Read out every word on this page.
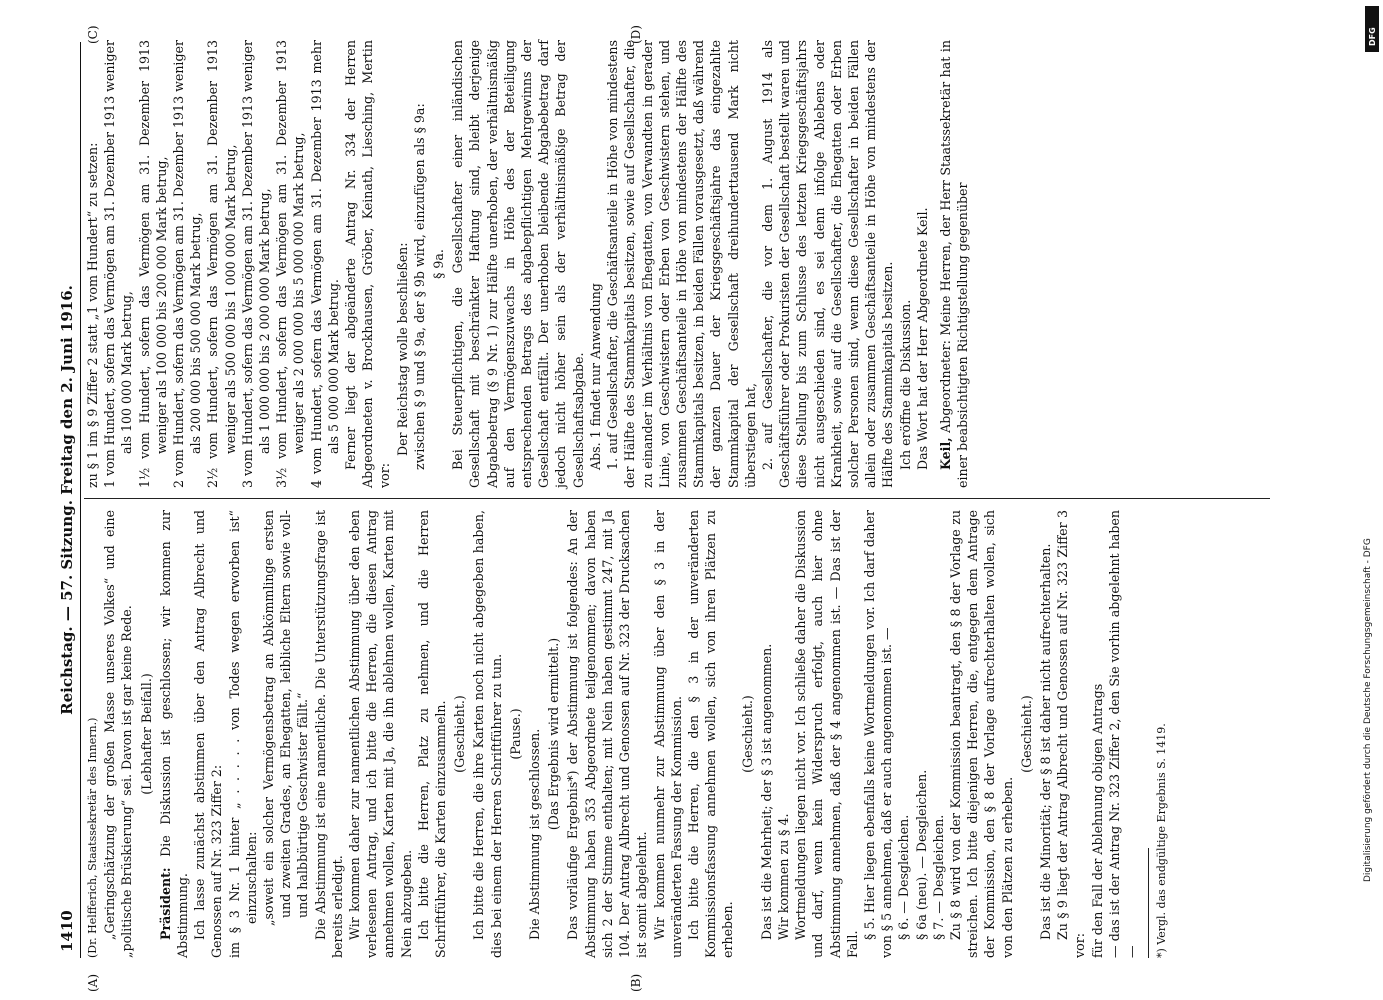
1410
Reichstag. — 57. Sitzung. Freitag den 2. Juni 1916.
(A)	(B)
(C)	(D)

(Dr. Helfferich, Staatssekretär des Innern.) „Geringschätzung der großen Masse unseres Volkes“ und eine „politische Brüskierung“ sei. Davon ist gar keine Rede. (Lebhafter Beifall.)

Präsident: Die Diskussion ist geschlossen; wir kommen zur Abstimmung. Ich lasse zunächst abstimmen über den Antrag Albrecht und Genossen auf Nr. 323 Ziffer 2: im § 3 Nr. 1 hinter „ . . . . . von Todes wegen erworben ist“ einzuschalten: „soweit ein solcher Vermögensbetrag an Abkömmlinge ersten und zweiten Grades, an Ehegatten, leibliche Eltern sowie voll- und halbbürtige Geschwister fällt.“ Die Abstimmung ist eine namentliche. Die Unterstützungsfrage ist bereits erledigt. Wir kommen daher zur namentlichen Abstimmung über den eben verlesenen Antrag, und ich bitte die Herren, die diesen Antrag annehmen wollen, Karten mit Ja, die ihn ablehnen wollen, Karten mit Nein abzugeben. Ich bitte die Herren, Platz zu nehmen, und die Herren Schriftführer, die Karten einzusammeln. (Geschieht.) Ich bitte die Herren, die ihre Karten noch nicht abgegeben haben, dies bei einem der Herren Schriftführer zu tun. (Pause.) Die Abstimmung ist geschlossen. (Das Ergebnis wird ermittelt.) Das vorläufige Ergebnis*) der Abstimmung ist folgendes: An der Abstimmung haben 353 Abgeordnete teilgenommen; davon haben sich 2 der Stimme enthalten; mit Nein haben gestimmt 247, mit Ja 104. Der Antrag Albrecht und Genossen auf Nr. 323 der Drucksachen ist somit abgelehnt. Wir kommen nunmehr zur Abstimmung über den § 3 in der unveränderten Fassung der Kommission. Ich bitte die Herren, die den § 3 in der unveränderten Kommissionsfassung annehmen wollen, sich von ihren Plätzen zu erheben.

(Geschieht.) Das ist die Mehrheit; der § 3 ist angenommen. Wir kommen zu § 4. Wortmeldungen liegen nicht vor. Ich schließe daher die Diskussion und darf, wenn kein Widerspruch erfolgt, auch hier ohne Abstimmung annehmen, daß der § 4 angenommen ist. — Das ist der Fall.

§ 5. Hier liegen ebenfalls keine Wortmeldungen vor. Ich darf daher von § 5 annehmen, daß er auch angenommen ist. — § 6. — Desgleichen. § 6a (neu). — Desgleichen. § 7. — Desgleichen. Zu § 8 wird von der Kommission beantragt, den § 8 der Vorlage zu streichen. Ich bitte diejenigen Herren, die, entgegen dem Antrage der Kommission, den § 8 der Vorlage aufrechterhalten wollen, sich von den Plätzen zu erheben.

(Geschieht.) Das ist die Minorität; der § 8 ist daher nicht aufrechterhalten. Zu § 9 liegt der Antrag Albrecht und Genossen auf Nr. 323 Ziffer 3 vor: für den Fall der Ablehnung obigen Antrags — das ist der Antrag Nr. 323 Ziffer 2, den Sie vorhin abgelehnt haben — *) Vergl. das endgültige Ergebnis S. 1419.

zu § 1 im § 9 Ziffer 2 statt „1 vom Hundert“ zu setzen: 1 vom Hundert, sofern das Vermögen am 31. Dezember 1913 weniger als 100 000 Mark betrug, 1½ vom Hundert, sofern das Vermögen am 31. Dezember 1913 weniger als 100 000 bis 200 000 Mark betrug, 2 vom Hundert, sofern das Vermögen am 31. Dezember 1913 weniger als 200 000 bis 500 000 Mark betrug, 2½ vom Hundert, sofern das Vermögen am 31. Dezember 1913 weniger als 500 000 bis 1 000 000 Mark betrug, 3 vom Hundert, sofern das Vermögen am 31. Dezember 1913 weniger als 1 000 000 bis 2 000 000 Mark betrug, 3½ vom Hundert, sofern das Vermögen am 31. Dezember 1913 weniger als 2 000 000 bis 5 000 000 Mark betrug, 4 vom Hundert, sofern das Vermögen am 31. Dezember 1913 mehr als 5 000 000 Mark betrug. Ferner liegt der abgeänderte Antrag Nr. 334 der Herren Abgeordneten v. Brockhausen, Gröber, Keinath, Liesching, Mertin vor:

Der Reichstag wolle beschließen: zwischen § 9 und § 9a, der § 9b wird, einzufügen als § 9a: § 9a. Bei Steuerpflichtigen, die Gesellschafter einer inländischen Gesellschaft mit beschränkter Haftung sind, bleibt derjenige Abgabebetrag (§ 9 Nr. 1) zur Hälfte unerhoben, der verhältnismäßig auf den Vermögenszuwachs in Höhe des der Beteiligung entsprechenden Betrags des abgabepflichtigen Mehrgewinns der Gesellschaft entfällt. Der unerhoben bleibende Abgabebetrag darf jedoch nicht höher sein als der verhältnismäßige Betrag der Gesellschaftsabgabe. Abs. 1 findet nur Anwendung 1. auf Gesellschafter, die Geschäftsanteile in Höhe von mindestens der Hälfte des Stammkapitals besitzen, sowie auf Gesellschafter, die zu einander im Verhältnis von Ehegatten, von Verwandten in gerader Linie, von Geschwistern oder Erben von Geschwistern stehen, und zusammen Geschäftsanteile in Höhe von mindestens der Hälfte des Stammkapitals besitzen, in beiden Fällen vorausgesetzt, daß während der ganzen Dauer der Kriegsgeschäftsjahre das eingezahlte Stammkapital der Gesellschaft dreihunderttausend Mark nicht überstiegen hat, 2. auf Gesellschafter, die vor dem 1. August 1914 als Geschäftsführer oder Prokuristen der Gesellschaft bestellt waren und diese Stellung bis zum Schlusse des letzten Kriegsgeschäftsjahrs nicht ausgeschieden sind, es sei denn infolge Ablebens oder Krankheit, sowie auf die Gesellschafter, die Ehegatten oder Erben solcher Personen sind, wenn diese Gesellschafter in beiden Fällen allein oder zusammen Geschäftsanteile in Höhe von mindestens der Hälfte des Stammkapitals besitzen. Ich eröffne die Diskussion. Das Wort hat der Herr Abgeordnete Keil. Keil, Abgeordneter: Meine Herren, der Herr Staatssekretär hat in einer beabsichtigten Richtigstellung gegenüber

DFG
Digitalisierung gefördert durch die Deutsche Forschungsgemeinschaft - DFG
